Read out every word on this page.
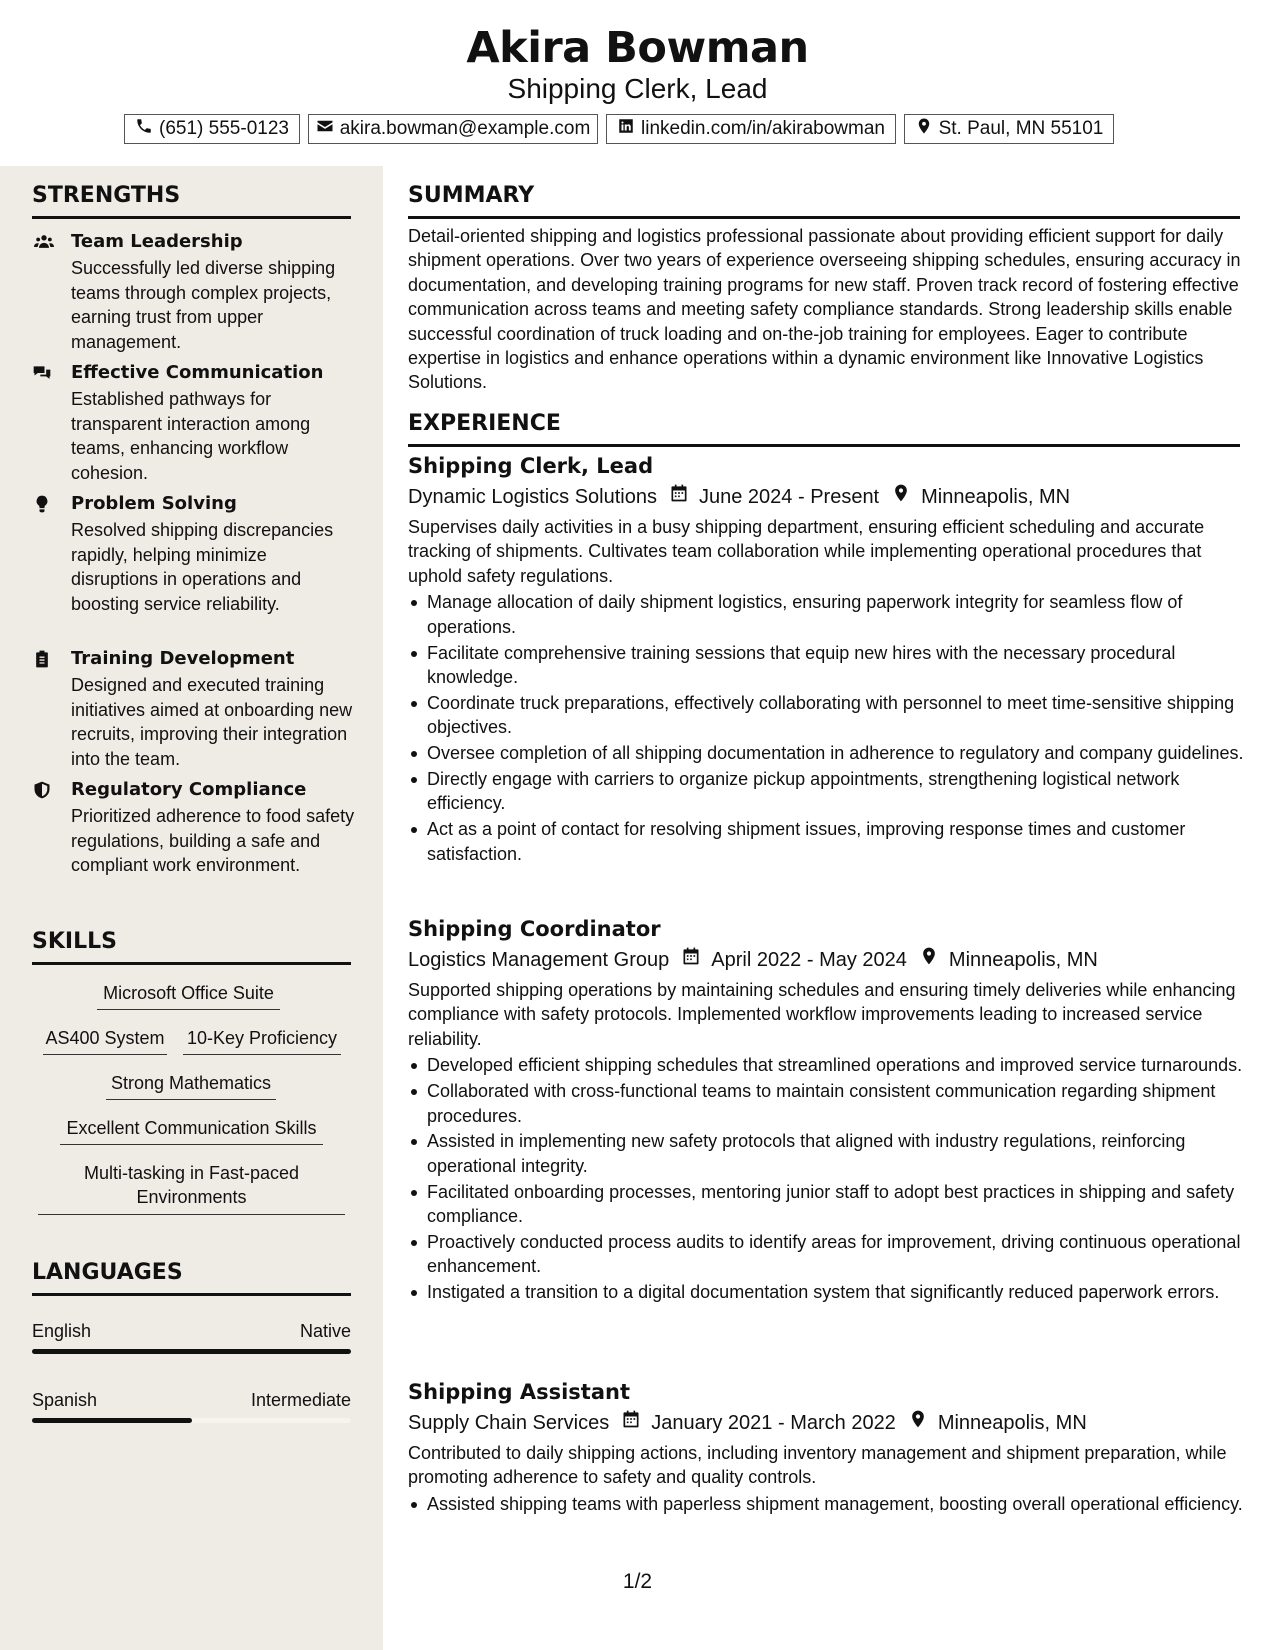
Akira Bowman
Shipping Clerk, Lead
(651) 555-0123	akira.bowman@example.com	linkedin.com/in/akirabowman	St. Paul, MN 55101
STRENGTHS
Team Leadership
Successfully led diverse shipping teams through complex projects, earning trust from upper management.
Effective Communication
Established pathways for transparent interaction among teams, enhancing workflow cohesion.
Problem Solving
Resolved shipping discrepancies rapidly, helping minimize disruptions in operations and boosting service reliability.
Training Development
Designed and executed training initiatives aimed at onboarding new recruits, improving their integration into the team.
Regulatory Compliance
Prioritized adherence to food safety regulations, building a safe and compliant work environment.
SKILLS
Microsoft Office Suite
AS400 System 10-Key Proficiency
Strong Mathematics
Excellent Communication Skills
Multi-tasking in Fast-paced Environments
LANGUAGES
English	Native
Spanish	Intermediate
SUMMARY
Detail-oriented shipping and logistics professional passionate about providing efficient support for daily shipment operations. Over two years of experience overseeing shipping schedules, ensuring accuracy in documentation, and developing training programs for new staff. Proven track record of fostering effective communication across teams and meeting safety compliance standards. Strong leadership skills enable successful coordination of truck loading and on-the-job training for employees. Eager to contribute expertise in logistics and enhance operations within a dynamic environment like Innovative Logistics Solutions.
EXPERIENCE
Shipping Clerk, Lead
Dynamic Logistics Solutions June 2024 - Present Minneapolis, MN
Supervises daily activities in a busy shipping department, ensuring efficient scheduling and accurate tracking of shipments. Cultivates team collaboration while implementing operational procedures that uphold safety regulations.
Manage allocation of daily shipment logistics, ensuring paperwork integrity for seamless flow of operations.
Facilitate comprehensive training sessions that equip new hires with the necessary procedural knowledge.
Coordinate truck preparations, effectively collaborating with personnel to meet time-sensitive shipping objectives.
Oversee completion of all shipping documentation in adherence to regulatory and company guidelines.
Directly engage with carriers to organize pickup appointments, strengthening logistical network efficiency.
Act as a point of contact for resolving shipment issues, improving response times and customer satisfaction.
Shipping Coordinator
Logistics Management Group April 2022 - May 2024 Minneapolis, MN
Supported shipping operations by maintaining schedules and ensuring timely deliveries while enhancing compliance with safety protocols. Implemented workflow improvements leading to increased service reliability.
Developed efficient shipping schedules that streamlined operations and improved service turnarounds.
Collaborated with cross-functional teams to maintain consistent communication regarding shipment procedures.
Assisted in implementing new safety protocols that aligned with industry regulations, reinforcing operational integrity.
Facilitated onboarding processes, mentoring junior staff to adopt best practices in shipping and safety compliance.
Proactively conducted process audits to identify areas for improvement, driving continuous operational enhancement.
Instigated a transition to a digital documentation system that significantly reduced paperwork errors.
Shipping Assistant
Supply Chain Services January 2021 - March 2022 Minneapolis, MN
Contributed to daily shipping actions, including inventory management and shipment preparation, while promoting adherence to safety and quality controls.
Assisted shipping teams with paperless shipment management, boosting overall operational efficiency.
1/2
